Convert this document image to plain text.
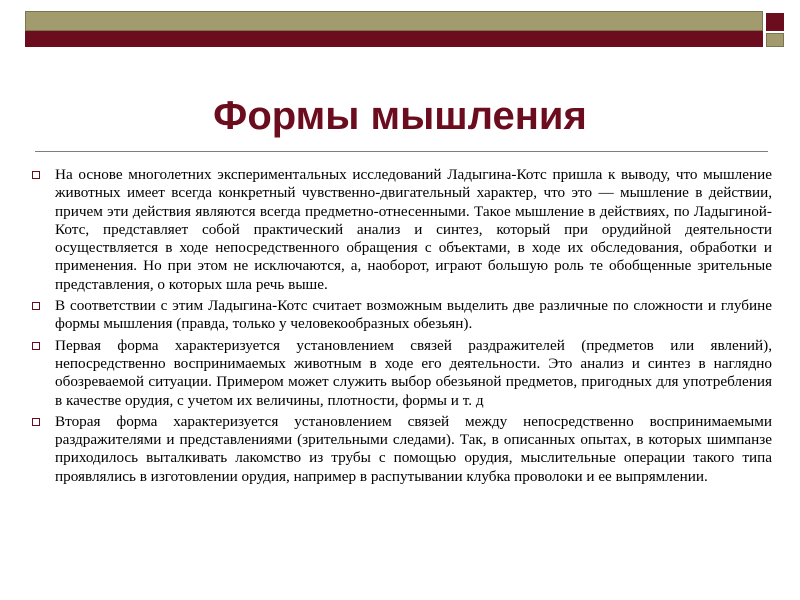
Формы мышления
На основе многолетних экспериментальных исследований Ладыгина-Котс пришла к выводу, что мышление животных имеет всегда конкретный чувственно-двигательный характер, что это — мышление в действии, причем эти действия являются всегда предметно-отнесенными. Такое мышление в действиях, по Ладыгиной-Котс, представляет собой практический анализ и синтез, который при орудийной деятельности осуществляется в ходе непосредственного обращения с объектами, в ходе их обследования, обработки и применения. Но при этом не исключаются, а, наоборот, играют большую роль те обобщенные зрительные представления, о которых шла речь выше.
В соответствии с этим Ладыгина-Котс считает возможным выделить две различные по сложности и глубине формы мышления (правда, только у человекообразных обезьян).
Первая форма характеризуется установлением связей раздражителей (предметов или явлений), непосредственно воспринимаемых животным в ходе его деятельности. Это анализ и синтез в наглядно обозреваемой ситуации. Примером может служить выбор обезьяной предметов, пригодных для употребления в качестве орудия, с учетом их величины, плотности, формы и т. д
Вторая форма характеризуется установлением связей между непосредственно воспринимаемыми раздражителями и представлениями (зрительными следами). Так, в описанных опытах, в которых шимпанзе приходилось выталкивать лакомство из трубы с помощью орудия, мыслительные операции такого типа проявлялись в изготовлении орудия, например в распутывании клубка проволоки и ее выпрямлении.
